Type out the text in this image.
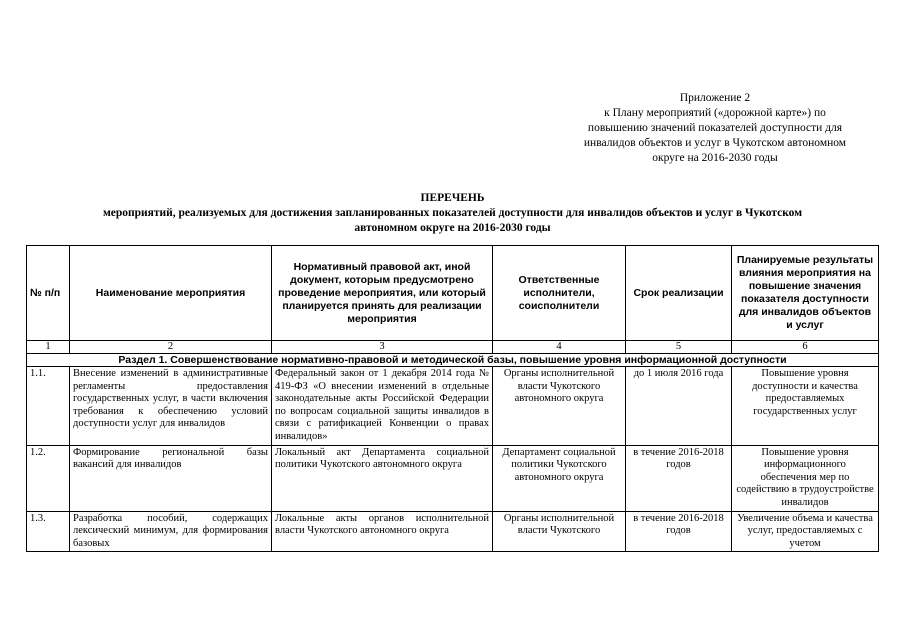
Приложение 2
к Плану мероприятий («дорожной карте») по
повышению значений показателей доступности для
инвалидов объектов и услуг в Чукотском автономном
округе на 2016-2030 годы
ПЕРЕЧЕНЬ
мероприятий, реализуемых для достижения запланированных показателей доступности для инвалидов объектов и услуг в Чукотском
автономном округе на 2016-2030 годы
№ п/п	Наименование мероприятия	Нормативный правовой акт, иной документ, которым предусмотрено проведение мероприятия, или который планируется принять для реализации мероприятия	Ответственные исполнители, соисполнители	Срок реализации	Планируемые результаты влияния мероприятия на повышение значения показателя доступности для инвалидов объектов и услуг
1	2	3	4	5	6
Раздел 1. Совершенствование нормативно-правовой и методической базы, повышение уровня информационной доступности					
1.1.	Внесение изменений в административные регламенты предоставления государственных услуг, в части включения требования к обеспечению условий доступности услуг для инвалидов	Федеральный закон от 1 декабря 2014 года № 419-ФЗ «О внесении изменений в отдельные законодательные акты Российской Федерации по вопросам социальной защиты инвалидов в связи с ратификацией Конвенции о правах инвалидов»	Органы исполнительной власти Чукотского автономного округа	до 1 июля 2016 года	Повышение уровня доступности и качества предоставляемых государственных услуг
1.2.	Формирование региональной базы вакансий для инвалидов	Локальный акт Департамента социальной политики Чукотского автономного округа	Департамент социальной политики Чукотского автономного округа	в течение 2016-2018 годов	Повышение уровня информационного обеспечения мер по содействию в трудоустройстве инвалидов
1.3.	Разработка пособий, содержащих лексический минимум, для формирования базовых	Локальные акты органов исполнительной власти Чукотского автономного округа	Органы исполнительной власти Чукотского	в течение 2016-2018 годов	Увеличение объема и качества услуг, предоставляемых с учетом
